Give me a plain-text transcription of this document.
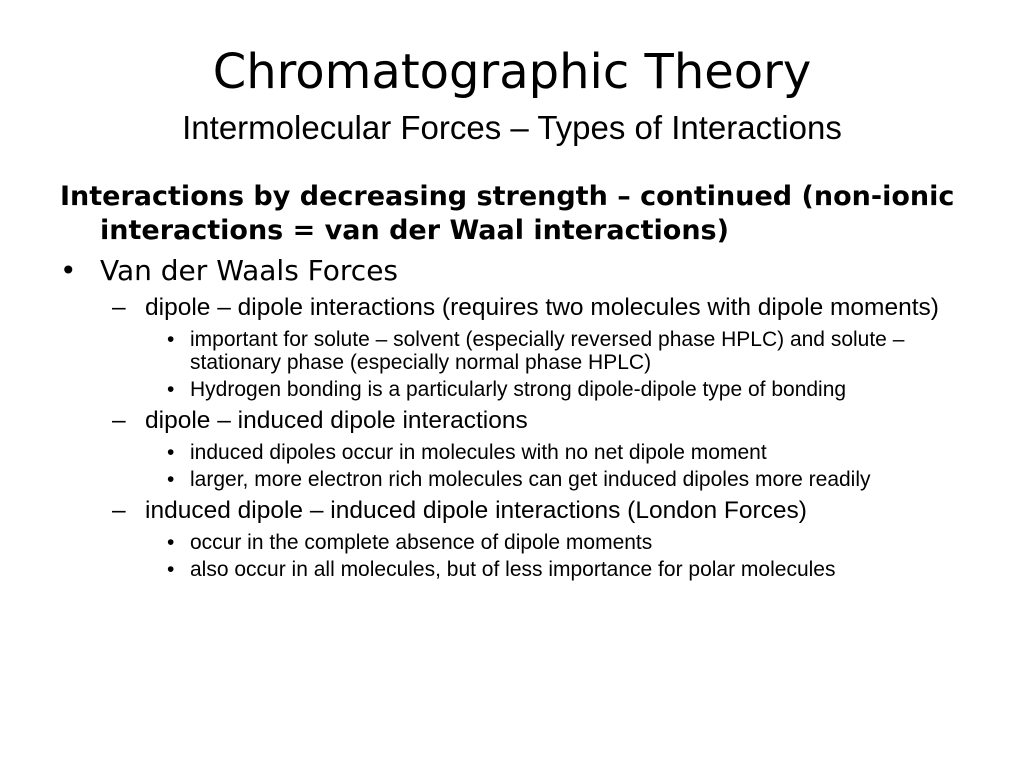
Chromatographic Theory
Intermolecular Forces – Types of Interactions

Interactions by decreasing strength – continued (non-ionic interactions = van der Waal interactions)

• Van der Waals Forces
– dipole – dipole interactions (requires two molecules with dipole moments)
• important for solute – solvent (especially reversed phase HPLC) and solute – stationary phase (especially normal phase HPLC)
• Hydrogen bonding is a particularly strong dipole-dipole type of bonding
– dipole – induced dipole interactions
• induced dipoles occur in molecules with no net dipole moment
• larger, more electron rich molecules can get induced dipoles more readily
– induced dipole – induced dipole interactions (London Forces)
• occur in the complete absence of dipole moments
• also occur in all molecules, but of less importance for polar molecules
